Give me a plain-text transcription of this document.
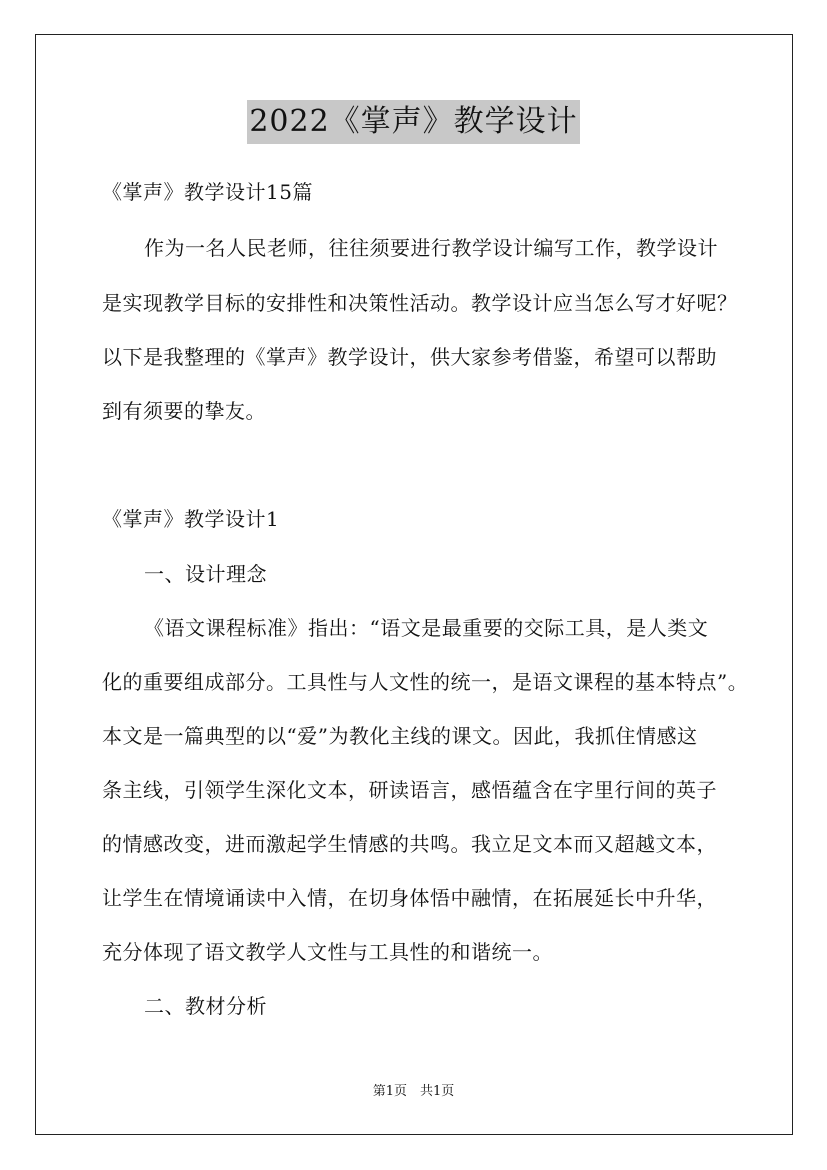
2022《掌声》教学设计
《掌声》教学设计15篇
作为一名人民老师，往往须要进行教学设计编写工作，教学设计
是实现教学目标的安排性和决策性活动。教学设计应当怎么写才好呢？
以下是我整理的《掌声》教学设计，供大家参考借鉴，希望可以帮助
到有须要的挚友。
《掌声》教学设计1
一、设计理念
《语文课程标准》指出：“语文是最重要的交际工具，是人类文
化的重要组成部分。工具性与人文性的统一，是语文课程的基本特点”。
本文是一篇典型的以“爱”为教化主线的课文。因此，我抓住情感这
条主线，引领学生深化文本，研读语言，感悟蕴含在字里行间的英子
的情感改变，进而激起学生情感的共鸣。我立足文本而又超越文本，
让学生在情境诵读中入情，在切身体悟中融情，在拓展延长中升华，
充分体现了语文教学人文性与工具性的和谐统一。
二、教材分析
第1页　共1页
